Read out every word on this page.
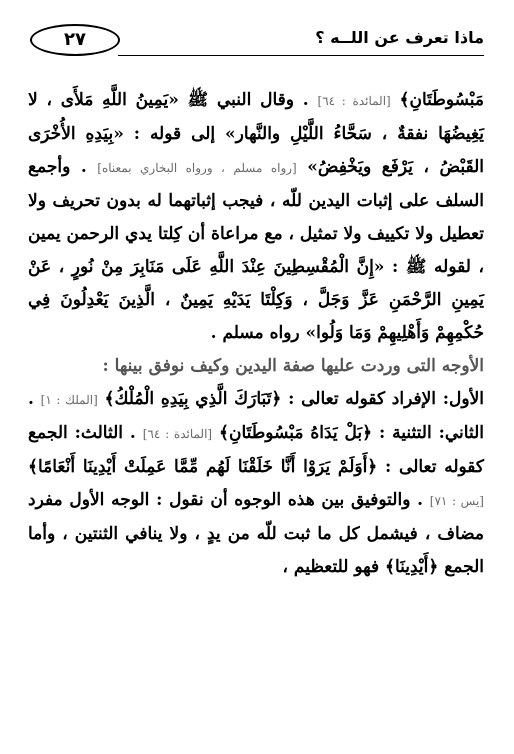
ماذا تعرف عن اللــه ؟
٢٧

مَبْسُوطَتَانِ﴾ [المائدة : ٦٤] . وقال النبي ﷺ «يَمِينُ اللَّهِ مَلأَى ، لا يَغِيضُهَا نفقةٌ ، سَحَّاءُ اللَّيْلِ والنَّهار» إلى قوله : «بِيَدِهِ الأُخْرَى القَبْضُ ، يَرْفَع ويَخْفِضُ» [رواه مسلم ، ورواه البخاري بمعناه] . وأجمع السلف على إثبات اليدين للّه ، فيجب إثباتهما له بدون تحريف ولا تعطيل ولا تكييف ولا تمثيل ، مع مراعاة أن كِلتا يدي الرحمن يمين ، لقوله ﷺ : «إِنَّ الْمُقْسِطِينَ عِنْدَ اللَّهِ عَلَى مَنَابِرَ مِنْ نُورٍ ، عَنْ يَمِينِ الرَّحْمَنِ عَزَّ وَجَلَّ ، وَكِلْتَا يَدَيْهِ يَمِينٌ ، الَّذِينَ يَعْدِلُونَ فِي حُكْمِهِمْ وَأَهْلِيهِمْ وَمَا وَلُوا» رواه مسلم .

الأوجه التى وردت عليها صفة اليدين وكيف نوفق بينها :

الأول: الإفراد كقوله تعالى : ﴿تَبَارَكَ الَّذِي بِيَدِهِ الْمُلْكُ﴾ [الملك : ١] . الثاني: التثنية : ﴿بَلْ يَدَاهُ مَبْسُوطَتَانِ﴾ [المائدة : ٦٤] . الثالث: الجمع كقوله تعالى : ﴿أَوَلَمْ يَرَوْا أَنَّا خَلَقْنَا لَهُم مِّمَّا عَمِلَتْ أَيْدِينَا أَنْعَامًا﴾ [يس : ٧١] . والتوفيق بين هذه الوجوه أن نقول : الوجه الأول مفرد مضاف ، فيشمل كل ما ثبت للّه من يدٍ ، ولا ينافي الثنتين ، وأما الجمع ﴿أَيْدِينَا﴾ فهو للتعظيم ،
